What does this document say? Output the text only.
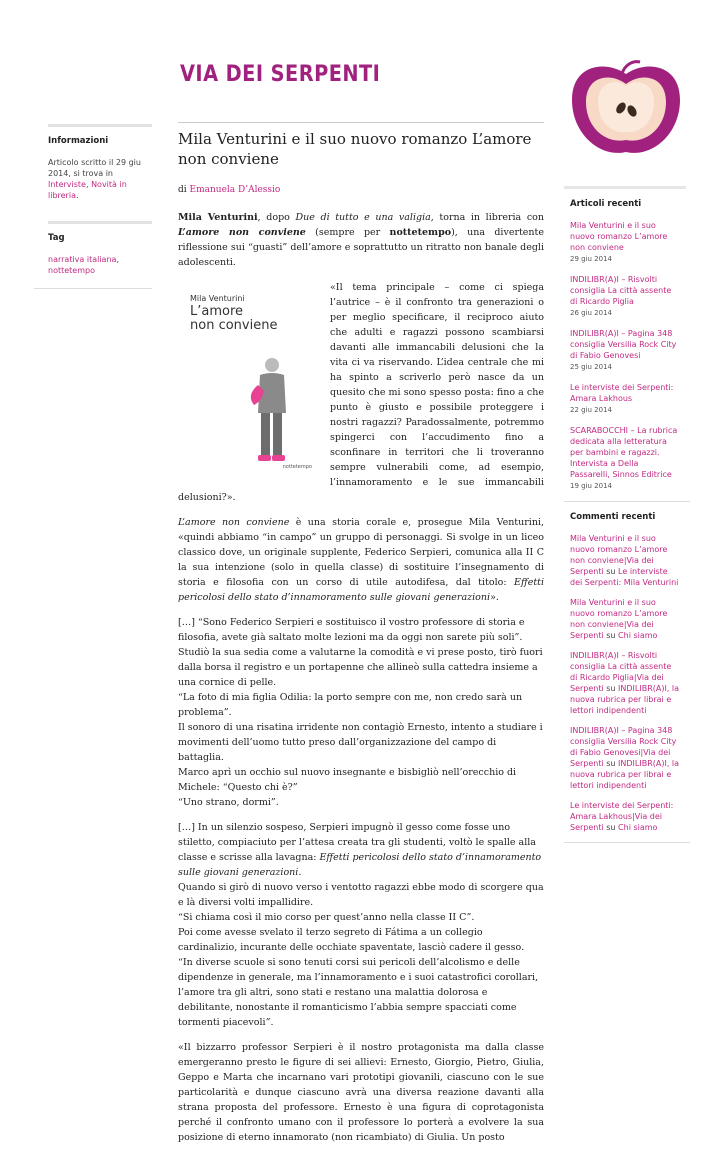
VIA DEI SERPENTI
Informazioni
Articolo scritto il 29 giu 2014, si trova in Interviste, Novità in libreria.
Tag
narrativa italiana,
nottetempo
Mila Venturini e il suo nuovo romanzo L’amore non conviene
di Emanuela D’Alessio

Mila Venturini, dopo Due di tutto e una valigia, torna in libreria con L’amore non conviene (sempre per nottetempo), una divertente riflessione sui “guasti” dell’amore e soprattutto un ritratto non banale degli adolescenti.

Mila Venturini
L’amore
non conviene
nottetempo

«Il tema principale – come ci spiega l’autrice – è il confronto tra generazioni o per meglio specificare, il reciproco aiuto che adulti e ragazzi possono scambiarsi davanti alle immancabili delusioni che la vita ci va riservando. L’idea centrale che mi ha spinto a scriverlo però nasce da un quesito che mi sono spesso posta: fino a che punto è giusto e possibile proteggere i nostri ragazzi? Paradossalmente, potremmo spingerci con l’accudimento fino a sconfinare in territori che li troveranno sempre vulnerabili come, ad esempio, l’innamoramento e le sue immancabili delusioni?».

L’amore non conviene è una storia corale e, prosegue Mila Venturini, «quindi abbiamo “in campo” un gruppo di personaggi. Si svolge in un liceo classico dove, un originale supplente, Federico Serpieri, comunica alla II C la sua intenzione (solo in quella classe) di sostituire l’insegnamento di storia e filosofia con un corso di utile autodifesa, dal titolo: Effetti pericolosi dello stato d’innamoramento sulle giovani generazioni».

[…] “Sono Federico Serpieri e sostituisco il vostro professore di storia e filosofia, avete già saltato molte lezioni ma da oggi non sarete più soli”.
Studiò la sua sedia come a valutarne la comodità e vi prese posto, tirò fuori dalla borsa il registro e un portapenne che allineò sulla cattedra insieme a una cornice di pelle.
“La foto di mia figlia Odilia: la porto sempre con me, non credo sarà un problema”.
Il sonoro di una risatina irridente non contagiò Ernesto, intento a studiare i movimenti dell’uomo tutto preso dall’organizzazione del campo di battaglia.
Marco aprì un occhio sul nuovo insegnante e bisbigliò nell’orecchio di Michele: “Questo chi è?”
“Uno strano, dormi”.

[…] In un silenzio sospeso, Serpieri impugnò il gesso come fosse uno stiletto, compiaciuto per l’attesa creata tra gli studenti, voltò le spalle alla classe e scrisse alla lavagna: Effetti pericolosi dello stato d’innamoramento sulle giovani generazioni.
Quando si girò di nuovo verso i ventotto ragazzi ebbe modo di scorgere qua e là diversi volti impallidire.
“Si chiama così il mio corso per quest’anno nella classe II C”.
Poi come avesse svelato il terzo segreto di Fátima a un collegio cardinalizio, incurante delle occhiate spaventate, lasciò cadere il gesso.
“In diverse scuole si sono tenuti corsi sui pericoli dell’alcolismo e delle dipendenze in generale, ma l’innamoramento e i suoi catastrofici corollari, l’amore tra gli altri, sono stati e restano una malattia dolorosa e debilitante, nonostante il romanticismo l’abbia sempre spacciati come tormenti piacevoli”.

«Il bizzarro professor Serpieri è il nostro protagonista ma dalla classe emergeranno presto le figure di sei allievi: Ernesto, Giorgio, Pietro, Giulia, Geppo e Marta che incarnano vari prototipi giovanili, ciascuno con le sue particolarità e dunque ciascuno avrà una diversa reazione davanti alla strana proposta del professore. Ernesto è una figura di coprotagonista perché il confronto umano con il professore lo porterà a evolvere la sua posizione di eterno innamorato (non ricambiato) di Giulia. Un posto

Articoli recenti
Mila Venturini e il suo nuovo romanzo L’amore non conviene
29 giu 2014
INDILIBR(A)I – Risvolti consiglia La città assente di Ricardo Piglia
26 giu 2014
INDILIBR(A)I – Pagina 348 consiglia Versilia Rock City di Fabio Genovesi
25 giu 2014
Le interviste dei Serpenti: Amara Lakhous
22 giu 2014
SCARABOCCHI – La rubrica dedicata alla letteratura per bambini e ragazzi. Intervista a Della Passarelli, Sinnos Editrice
19 giu 2014
Commenti recenti
Mila Venturini e il suo nuovo romanzo L’amore non conviene|Via dei Serpenti su Le interviste dei Serpenti: Mila Venturini
Mila Venturini e il suo nuovo romanzo L’amore non conviene|Via dei Serpenti su Chi siamo
INDILIBR(A)I – Risvolti consiglia La città assente di Ricardo Piglia|Via dei Serpenti su INDILIBR(A)I, la nuova rubrica per librai e lettori indipendenti
INDILIBR(A)I – Pagina 348 consiglia Versilia Rock City di Fabio Genovesi|Via dei Serpenti su INDILIBR(A)I, la nuova rubrica per librai e lettori indipendenti
Le interviste dei Serpenti: Amara Lakhous|Via dei Serpenti su Chi siamo
